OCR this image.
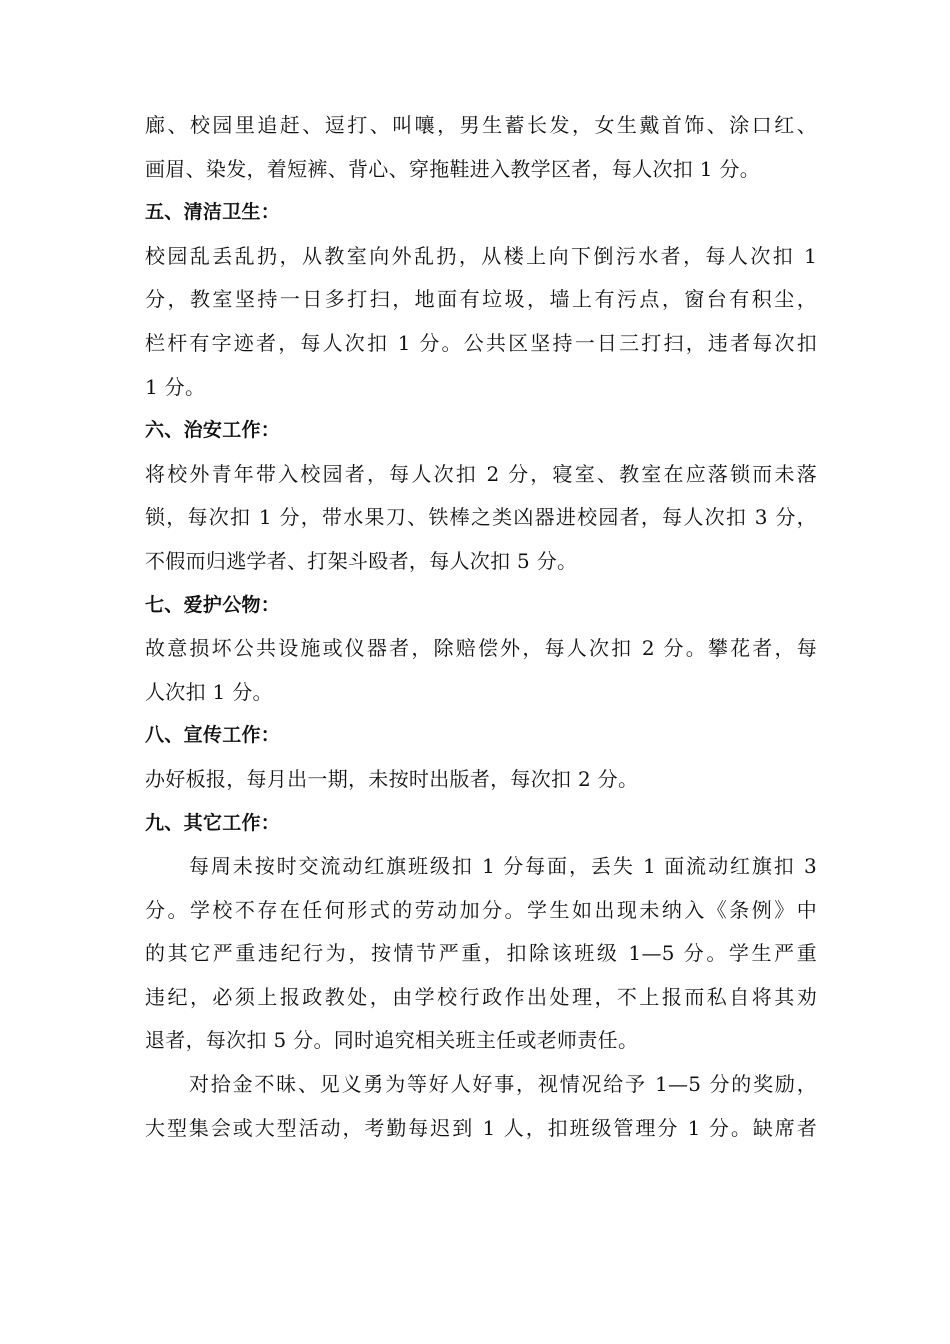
廊、校园里追赶、逗打、叫嚷，男生蓄长发，女生戴首饰、涂口红、
画眉、染发，着短裤、背心、穿拖鞋进入教学区者，每人次扣 1 分。
五、清洁卫生：
校园乱丢乱扔，从教室向外乱扔，从楼上向下倒污水者，每人次扣 1
分，教室坚持一日多打扫，地面有垃圾，墙上有污点，窗台有积尘，
栏杆有字迹者，每人次扣 1 分。公共区坚持一日三打扫，违者每次扣
1 分。
六、治安工作：
将校外青年带入校园者，每人次扣 2 分，寝室、教室在应落锁而未落
锁，每次扣 1 分，带水果刀、铁棒之类凶器进校园者，每人次扣 3 分，
不假而归逃学者、打架斗殴者，每人次扣 5 分。
七、爱护公物：
故意损坏公共设施或仪器者，除赔偿外，每人次扣 2 分。攀花者，每
人次扣 1 分。
八、宣传工作：
办好板报，每月出一期，未按时出版者，每次扣 2 分。
九、其它工作：
每周未按时交流动红旗班级扣 1 分每面，丢失 1 面流动红旗扣 3
分。学校不存在任何形式的劳动加分。学生如出现未纳入《条例》中
的其它严重违纪行为，按情节严重，扣除该班级 1—5 分。学生严重
违纪，必须上报政教处，由学校行政作出处理，不上报而私自将其劝
退者，每次扣 5 分。同时追究相关班主任或老师责任。
对拾金不昧、见义勇为等好人好事，视情况给予 1—5 分的奖励，
大型集会或大型活动，考勤每迟到 1 人，扣班级管理分 1 分。缺席者
